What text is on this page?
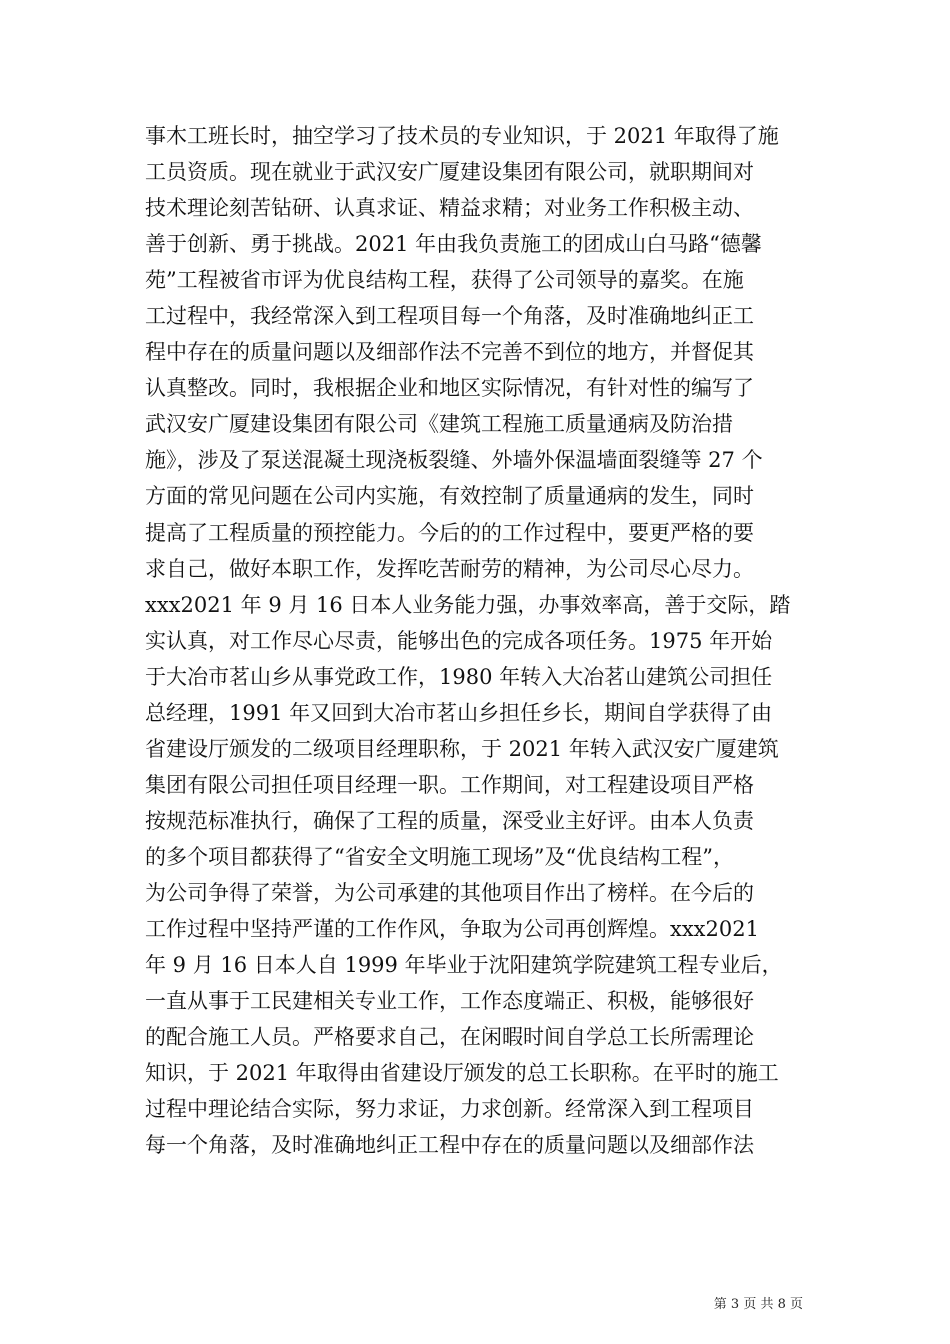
事木工班长时，抽空学习了技术员的专业知识，于 2021 年取得了施
工员资质。现在就业于武汉安广厦建设集团有限公司，就职期间对
技术理论刻苦钻研、认真求证、精益求精；对业务工作积极主动、
善于创新、勇于挑战。2021 年由我负责施工的团成山白马路“德馨
苑”工程被省市评为优良结构工程，获得了公司领导的嘉奖。在施
工过程中，我经常深入到工程项目每一个角落，及时准确地纠正工
程中存在的质量问题以及细部作法不完善不到位的地方，并督促其
认真整改。同时，我根据企业和地区实际情况，有针对性的编写了
武汉安广厦建设集团有限公司《建筑工程施工质量通病及防治措
施》，涉及了泵送混凝土现浇板裂缝、外墙外保温墙面裂缝等 27 个
方面的常见问题在公司内实施，有效控制了质量通病的发生，同时
提高了工程质量的预控能力。今后的的工作过程中，要更严格的要
求自己，做好本职工作，发挥吃苦耐劳的精神，为公司尽心尽力。
xxx2021 年 9 月 16 日本人业务能力强，办事效率高，善于交际，踏
实认真，对工作尽心尽责，能够出色的完成各项任务。1975 年开始
于大冶市茗山乡从事党政工作，1980 年转入大冶茗山建筑公司担任
总经理，1991 年又回到大冶市茗山乡担任乡长，期间自学获得了由
省建设厅颁发的二级项目经理职称，于 2021 年转入武汉安广厦建筑
集团有限公司担任项目经理一职。工作期间，对工程建设项目严格
按规范标准执行，确保了工程的质量，深受业主好评。由本人负责
的多个项目都获得了“省安全文明施工现场”及“优良结构工程”，
为公司争得了荣誉，为公司承建的其他项目作出了榜样。在今后的
工作过程中坚持严谨的工作作风，争取为公司再创辉煌。xxx2021
年 9 月 16 日本人自 1999 年毕业于沈阳建筑学院建筑工程专业后，
一直从事于工民建相关专业工作，工作态度端正、积极，能够很好
的配合施工人员。严格要求自己，在闲暇时间自学总工长所需理论
知识，于 2021 年取得由省建设厅颁发的总工长职称。在平时的施工
过程中理论结合实际，努力求证，力求创新。经常深入到工程项目
每一个角落，及时准确地纠正工程中存在的质量问题以及细部作法
第 3 页 共 8 页
